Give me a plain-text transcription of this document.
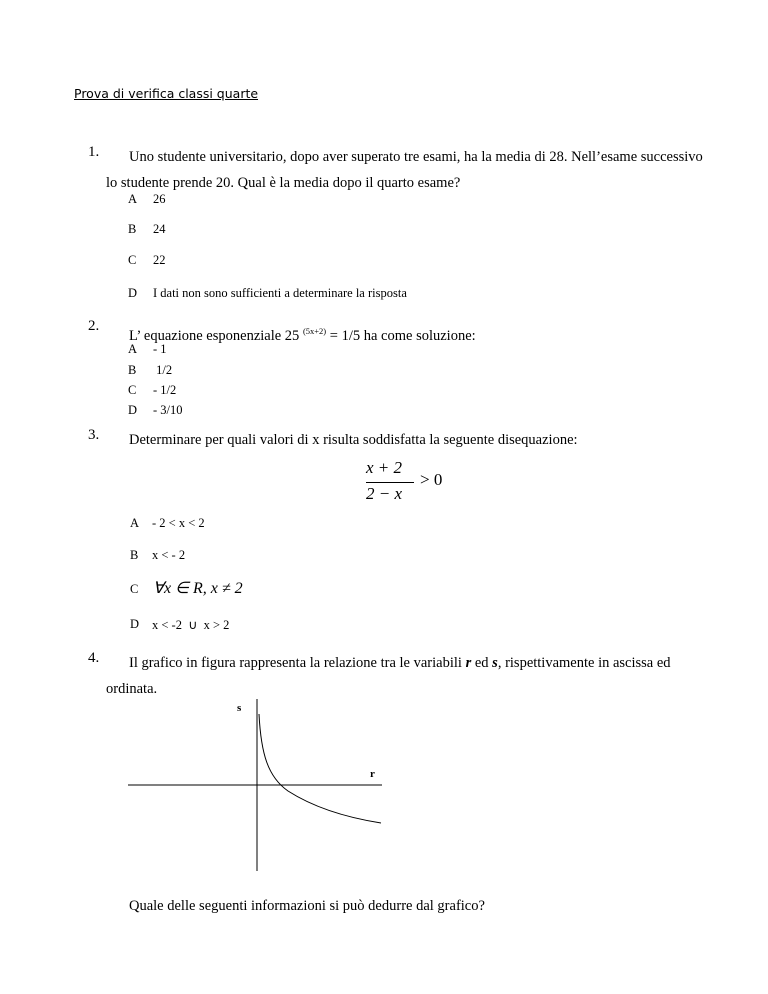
Prova di verifica classi quarte
1. Uno studente universitario, dopo aver superato tre esami, ha la media di 28. Nell’esame successivo
lo studente prende 20. Qual è la media dopo il quarto esame?
A 26
B 24
C 22
D I dati non sono sufficienti a determinare la risposta
2.
L’ equazione esponenziale 25 $^{(5x+2)}$ = 1/5 ha come soluzione:
A - 1
B 1/2
C - 1/2
D - 3/10
3. Determinare per quali valori di x risulta soddisfatta la seguente disequazione:
x + 2
2 − x
> 0
A - 2 < x < 2
B x < - 2
C ∀x ∈ R, x ≠ 2
D x < -2  ∪  x > 2
4. Il grafico in figura rappresenta la relazione tra le variabili r ed s, rispettivamente in ascissa ed
ordinata.
s
r
Quale delle seguenti informazioni si può dedurre dal grafico?
